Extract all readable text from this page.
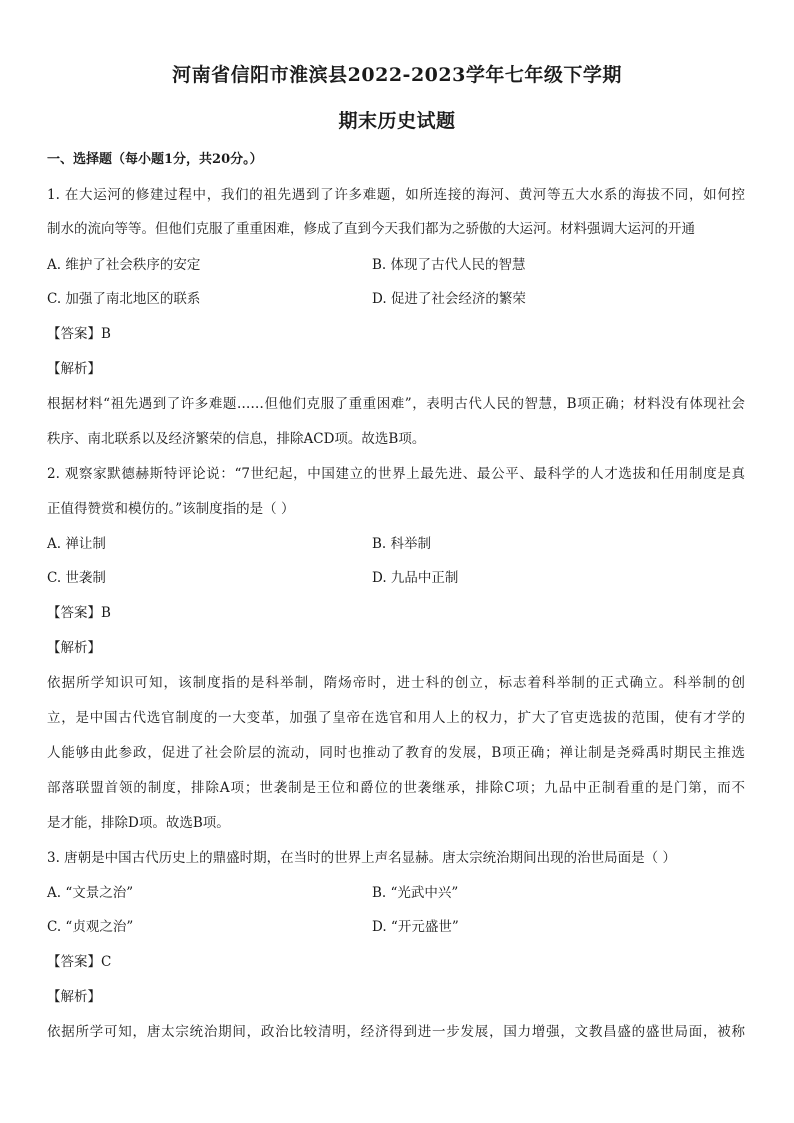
河南省信阳市淮滨县2022-2023学年七年级下学期
期末历史试题
一、选择题（每小题1分，共20分。）
1. 在大运河的修建过程中，我们的祖先遇到了许多难题，如所连接的海河、黄河等五大水系的海拔不同，如何控
制水的流向等等。但他们克服了重重困难，修成了直到今天我们都为之骄傲的大运河。材料强调大运河的开通
A. 维护了社会秩序的安定	B. 体现了古代人民的智慧
C. 加强了南北地区的联系	D. 促进了社会经济的繁荣
【答案】B
【解析】
根据材料“祖先遇到了许多难题……但他们克服了重重困难”，表明古代人民的智慧，B项正确；材料没有体现社会
秩序、南北联系以及经济繁荣的信息，排除ACD项。故选B项。
2. 观察家默德赫斯特评论说：“7世纪起，中国建立的世界上最先进、最公平、最科学的人才选拔和任用制度是真
正值得赞赏和模仿的。”该制度指的是（ ）
A. 禅让制	B. 科举制
C. 世袭制	D. 九品中正制
【答案】B
【解析】
依据所学知识可知，该制度指的是科举制，隋炀帝时，进士科的创立，标志着科举制的正式确立。科举制的创
立，是中国古代选官制度的一大变革，加强了皇帝在选官和用人上的权力，扩大了官吏选拔的范围，使有才学的
人能够由此参政，促进了社会阶层的流动，同时也推动了教育的发展，B项正确；禅让制是尧舜禹时期民主推选
部落联盟首领的制度，排除A项；世袭制是王位和爵位的世袭继承，排除C项；九品中正制看重的是门第，而不
是才能，排除D项。故选B项。
3. 唐朝是中国古代历史上的鼎盛时期，在当时的世界上声名显赫。唐太宗统治期间出现的治世局面是（ ）
A. “文景之治”	B. “光武中兴”
C. “贞观之治”	D. “开元盛世”
【答案】C
【解析】
依据所学可知，唐太宗统治期间，政治比较清明，经济得到进一步发展，国力增强，文教昌盛的盛世局面，被称
